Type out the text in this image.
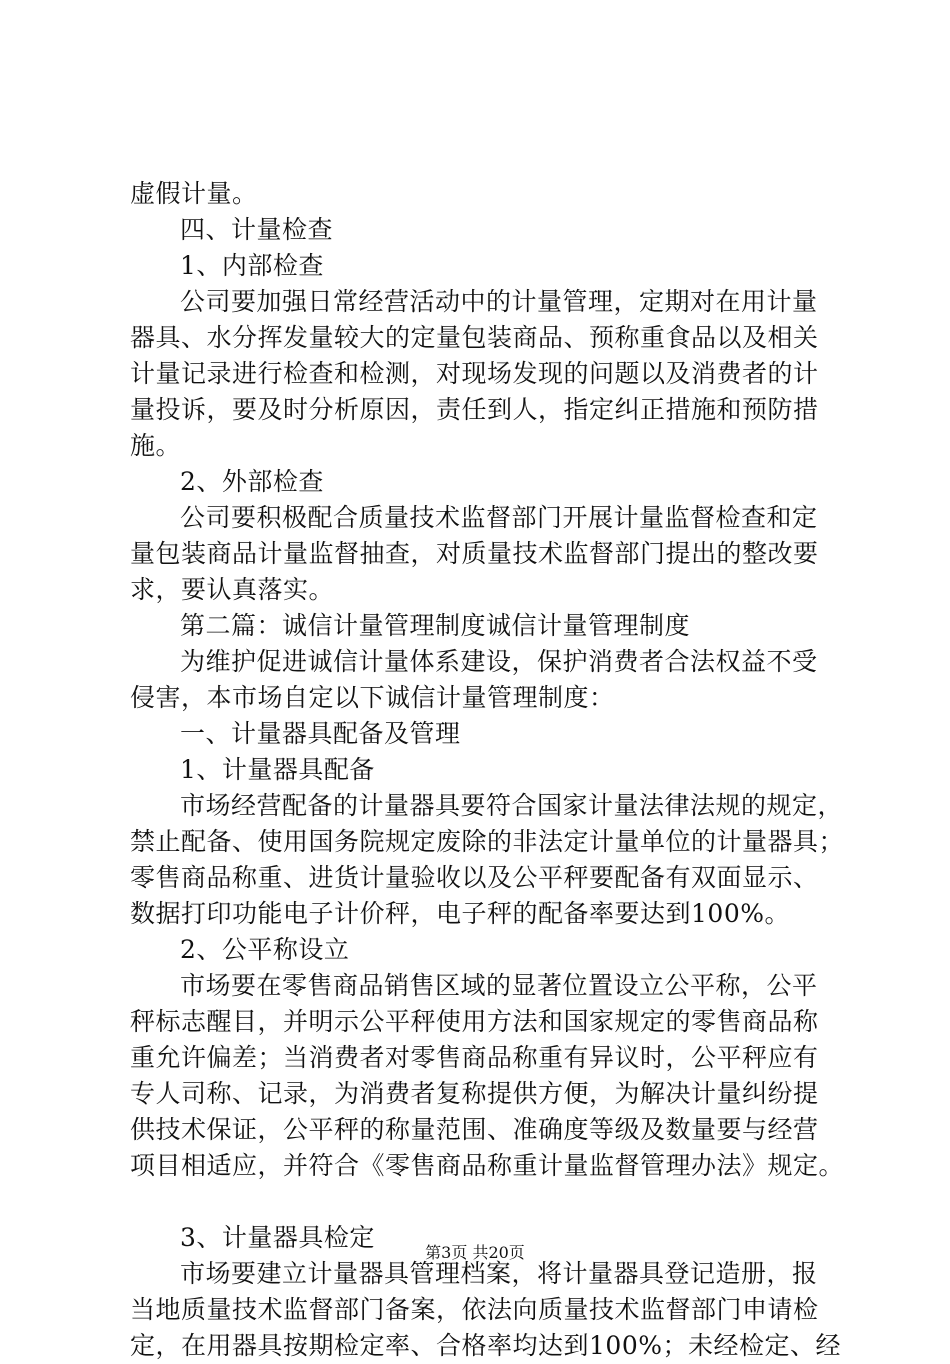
虚假计量。
四、计量检查
1、内部检查
公司要加强日常经营活动中的计量管理，定期对在用计量
器具、水分挥发量较大的定量包装商品、预称重食品以及相关
计量记录进行检查和检测，对现场发现的问题以及消费者的计
量投诉，要及时分析原因，责任到人，指定纠正措施和预防措
施。
2、外部检查
公司要积极配合质量技术监督部门开展计量监督检查和定
量包装商品计量监督抽查，对质量技术监督部门提出的整改要
求，要认真落实。
第二篇：诚信计量管理制度诚信计量管理制度
为维护促进诚信计量体系建设，保护消费者合法权益不受
侵害，本市场自定以下诚信计量管理制度：
一、计量器具配备及管理
1、计量器具配备
市场经营配备的计量器具要符合国家计量法律法规的规定，
禁止配备、使用国务院规定废除的非法定计量单位的计量器具；
零售商品称重、进货计量验收以及公平秤要配备有双面显示、
数据打印功能电子计价秤，电子秤的配备率要达到100%。
2、公平称设立
市场要在零售商品销售区域的显著位置设立公平称，公平
秤标志醒目，并明示公平秤使用方法和国家规定的零售商品称
重允许偏差；当消费者对零售商品称重有异议时，公平秤应有
专人司称、记录，为消费者复称提供方便，为解决计量纠纷提
供技术保证，公平秤的称量范围、准确度等级及数量要与经营
项目相适应，并符合《零售商品称重计量监督管理办法》规定。
3、计量器具检定
市场要建立计量器具管理档案，将计量器具登记造册，报
当地质量技术监督部门备案，依法向质量技术监督部门申请检
定，在用器具按期检定率、合格率均达到100%；未经检定、经
第3页 共20页
